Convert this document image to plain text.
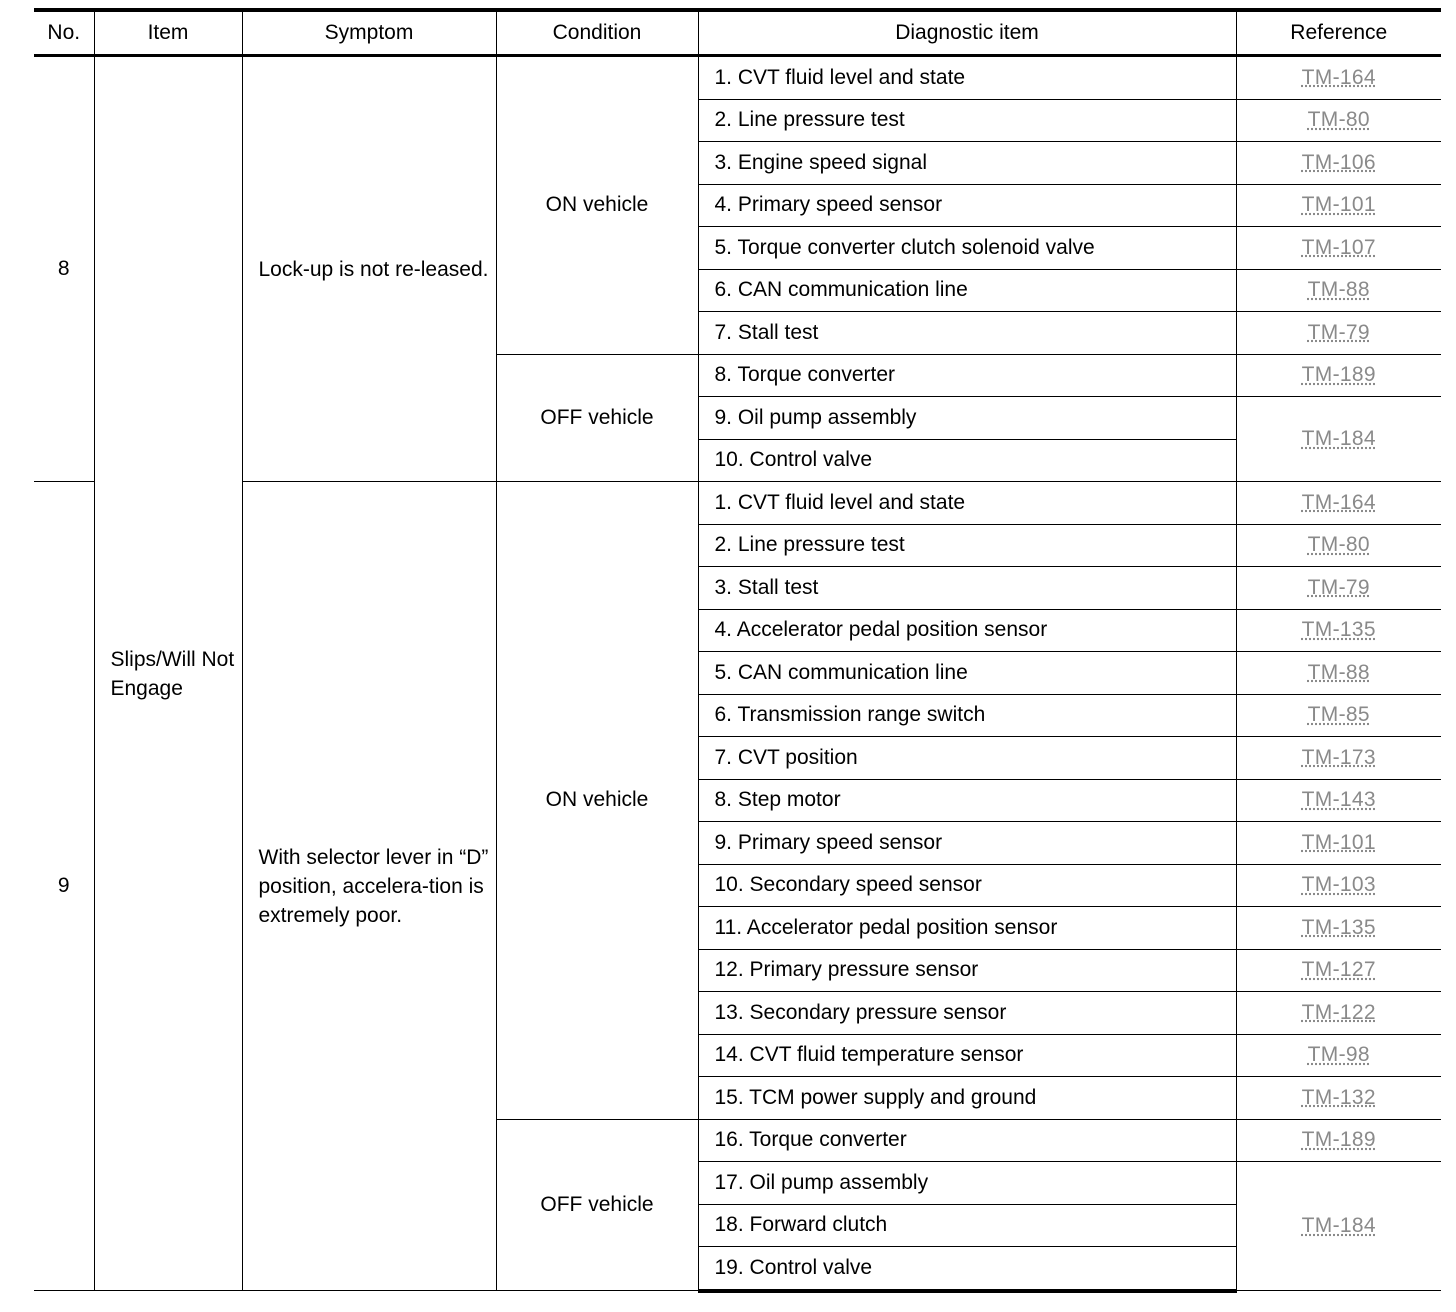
No.	Item	Symptom	Condition	Diagnostic item	Reference
8	Slips/Will Not Engage	Lock-up is not re-leased.	ON vehicle	1. CVT fluid level and state	TM-164
				2. Line pressure test	TM-80
				3. Engine speed signal	TM-106
				4. Primary speed sensor	TM-101
				5. Torque converter clutch solenoid valve	TM-107
				6. CAN communication line	TM-88
				7. Stall test	TM-79
			OFF vehicle	8. Torque converter	TM-189
				9. Oil pump assembly	TM-184
				10. Control valve	
9		With selector lever in “D” position, accelera-tion is extremely poor.	ON vehicle	1. CVT fluid level and state	TM-164
				2. Line pressure test	TM-80
				3. Stall test	TM-79
				4. Accelerator pedal position sensor	TM-135
				5. CAN communication line	TM-88
				6. Transmission range switch	TM-85
				7. CVT position	TM-173
				8. Step motor	TM-143
				9. Primary speed sensor	TM-101
				10. Secondary speed sensor	TM-103
				11. Accelerator pedal position sensor	TM-135
				12. Primary pressure sensor	TM-127
				13. Secondary pressure sensor	TM-122
				14. CVT fluid temperature sensor	TM-98
				15. TCM power supply and ground	TM-132
			OFF vehicle	16. Torque converter	TM-189
				17. Oil pump assembly	TM-184
				18. Forward clutch	
				19. Control valve	
